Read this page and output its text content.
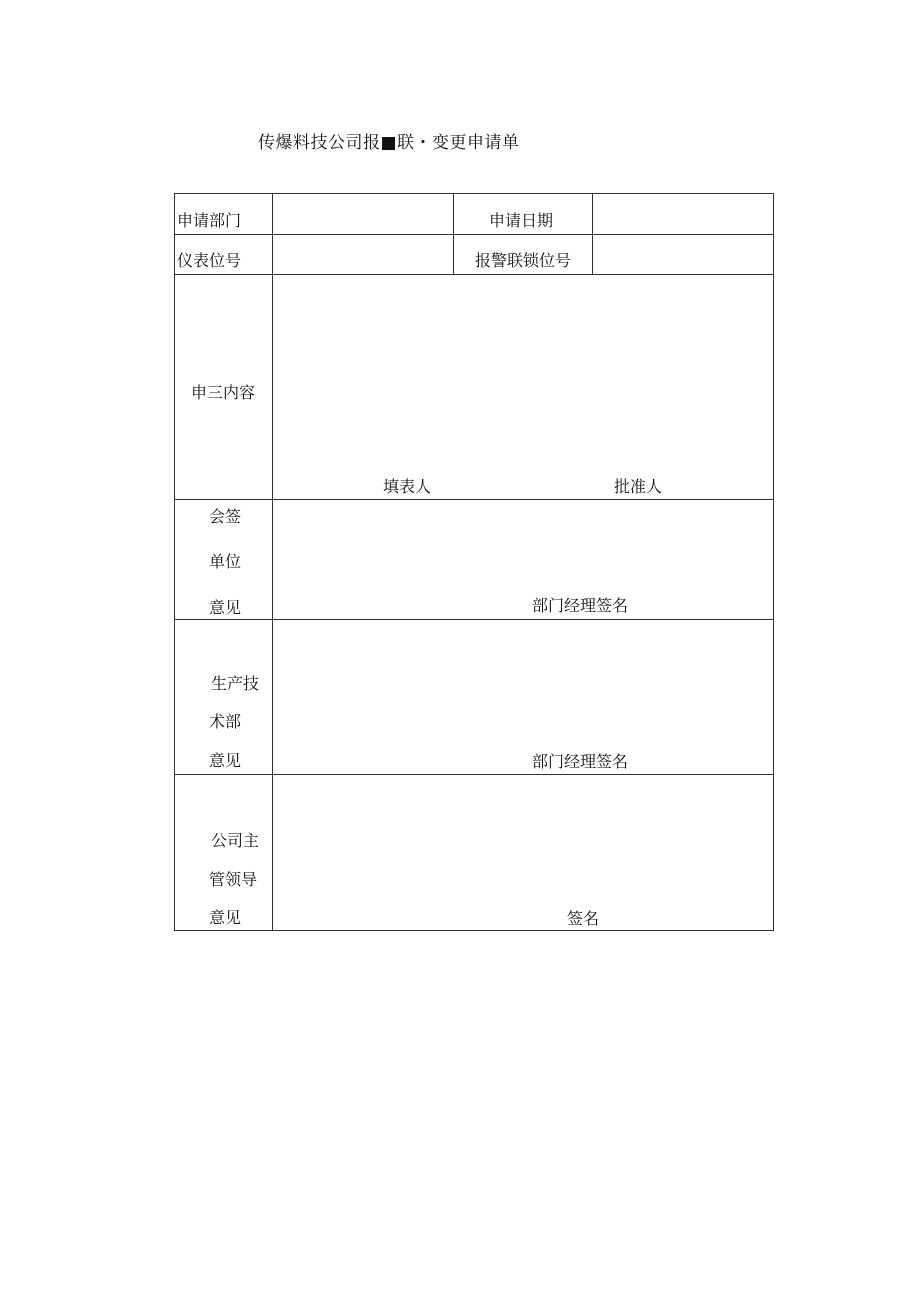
传爆料技公司报■联・变更申请单
申请部门	申请日期
仪表位号	报警联锁位号
申三内容
填表人	批准人
会签
单位
意见	部门经理签名
生产技
术部
意见	部门经理签名
公司主
管领导
意见	签名
